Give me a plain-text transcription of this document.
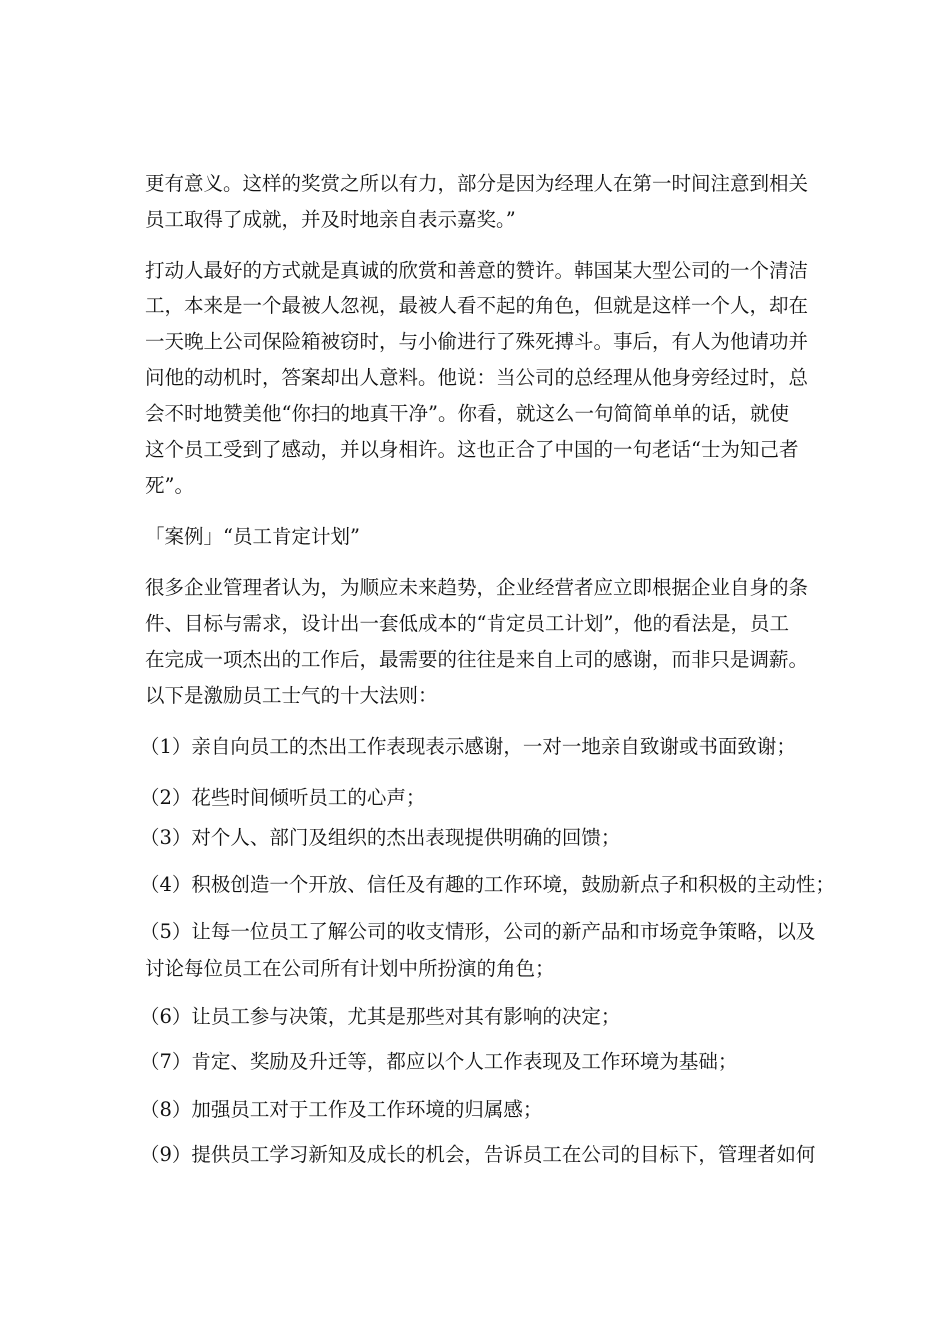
更有意义。这样的奖赏之所以有力，部分是因为经理人在第一时间注意到相关
员工取得了成就，并及时地亲自表示嘉奖。”
打动人最好的方式就是真诚的欣赏和善意的赞许。韩国某大型公司的一个清洁
工，本来是一个最被人忽视，最被人看不起的角色，但就是这样一个人，却在
一天晚上公司保险箱被窃时，与小偷进行了殊死搏斗。事后，有人为他请功并
问他的动机时，答案却出人意料。他说：当公司的总经理从他身旁经过时，总
会不时地赞美他“你扫的地真干净”。你看，就这么一句简简单单的话，就使
这个员工受到了感动，并以身相许。这也正合了中国的一句老话“士为知己者
死”。
「案例」“员工肯定计划”
很多企业管理者认为，为顺应未来趋势，企业经营者应立即根据企业自身的条
件、目标与需求，设计出一套低成本的“肯定员工计划”，他的看法是，员工
在完成一项杰出的工作后，最需要的往往是来自上司的感谢，而非只是调薪。
以下是激励员工士气的十大法则：
（1）亲自向员工的杰出工作表现表示感谢，一对一地亲自致谢或书面致谢；
（2）花些时间倾听员工的心声；
（3）对个人、部门及组织的杰出表现提供明确的回馈；
（4）积极创造一个开放、信任及有趣的工作环境，鼓励新点子和积极的主动性；
（5）让每一位员工了解公司的收支情形，公司的新产品和市场竞争策略，以及
讨论每位员工在公司所有计划中所扮演的角色；
（6）让员工参与决策，尤其是那些对其有影响的决定；
（7）肯定、奖励及升迁等，都应以个人工作表现及工作环境为基础；
（8）加强员工对于工作及工作环境的归属感；
（9）提供员工学习新知及成长的机会，告诉员工在公司的目标下，管理者如何
